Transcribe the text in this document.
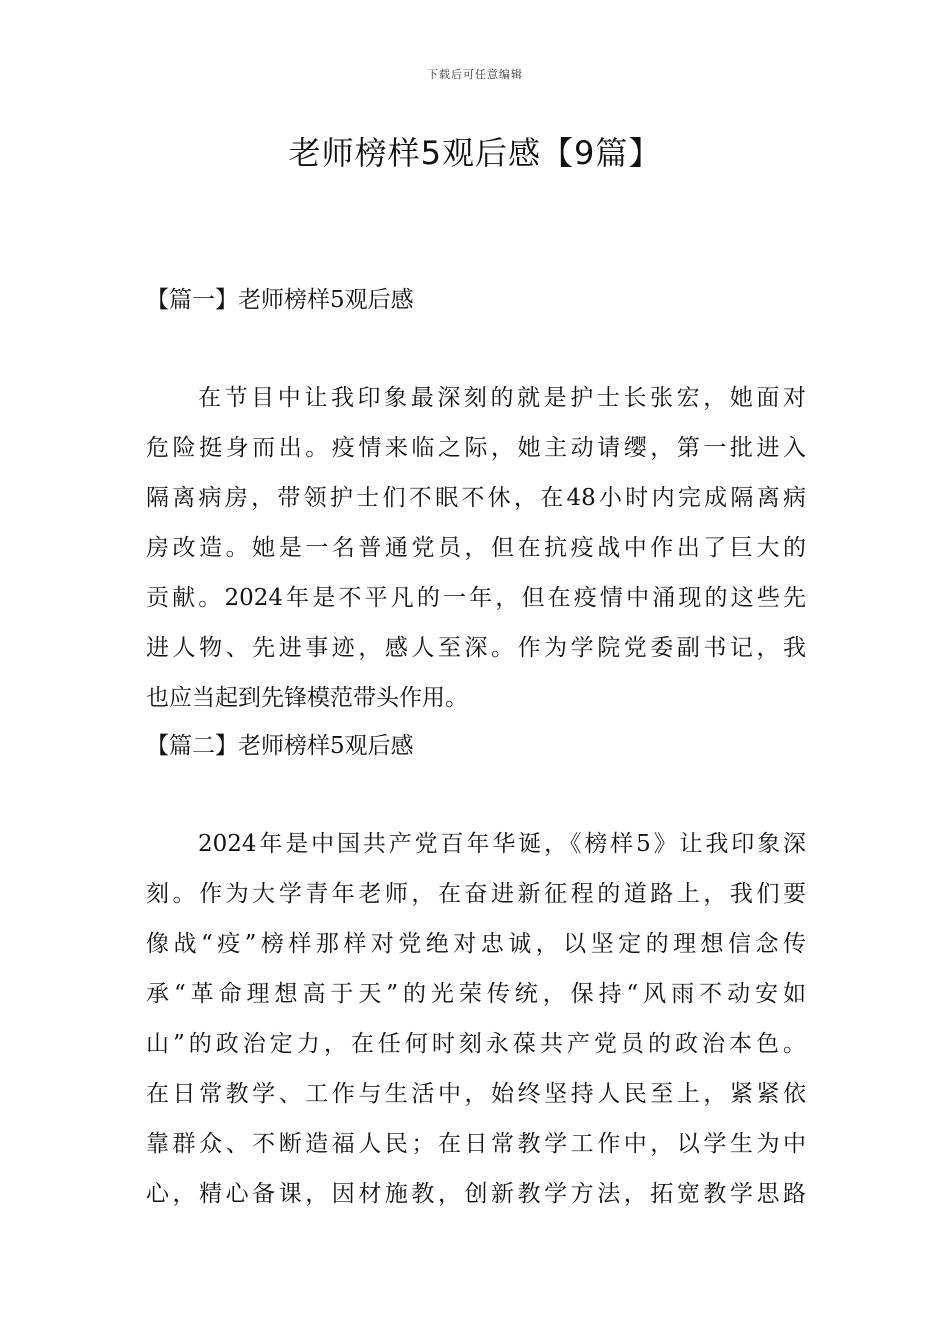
下载后可任意编辑
老师榜样5观后感【9篇】
【篇一】老师榜样5观后感
在节目中让我印象最深刻的就是护士长张宏，她面对
危险挺身而出。疫情来临之际，她主动请缨，第一批进入
隔离病房，带领护士们不眠不休，在48小时内完成隔离病
房改造。她是一名普通党员，但在抗疫战中作出了巨大的
贡献。2024年是不平凡的一年，但在疫情中涌现的这些先
进人物、先进事迹，感人至深。作为学院党委副书记，我
也应当起到先锋模范带头作用。
【篇二】老师榜样5观后感
2024年是中国共产党百年华诞，《榜样5》让我印象深
刻。作为大学青年老师，在奋进新征程的道路上，我们要
像战“疫”榜样那样对党绝对忠诚，以坚定的理想信念传
承“革命理想高于天”的光荣传统，保持“风雨不动安如
山”的政治定力，在任何时刻永葆共产党员的政治本色。
在日常教学、工作与生活中，始终坚持人民至上，紧紧依
靠群众、不断造福人民；在日常教学工作中，以学生为中
心，精心备课，因材施教，创新教学方法，拓宽教学思路
